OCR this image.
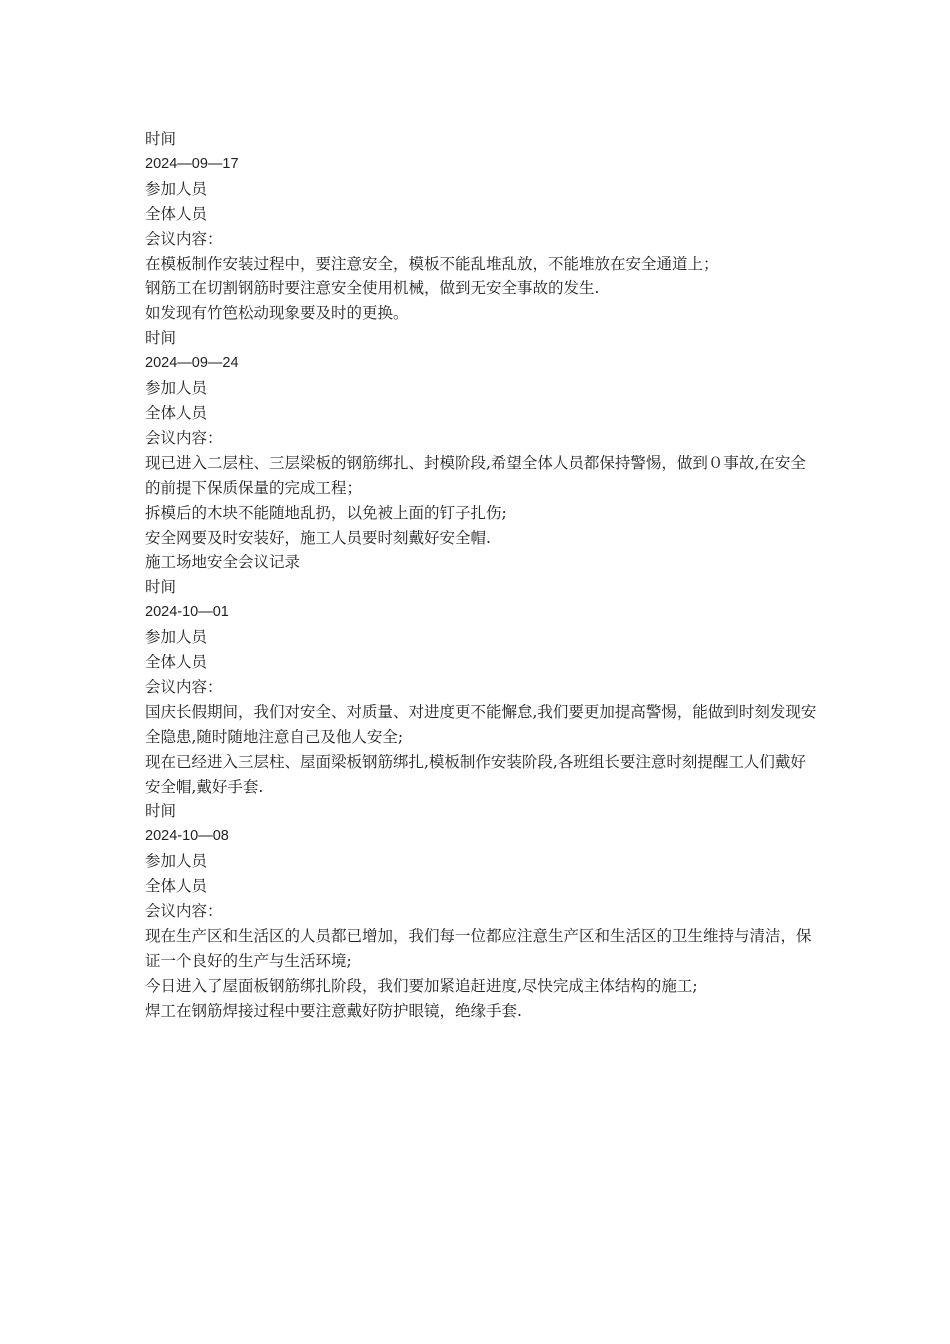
时间

2024—09—17

参加人员

全体人员

会议内容：

在模板制作安装过程中，要注意安全，模板不能乱堆乱放，不能堆放在安全通道上；

钢筋工在切割钢筋时要注意安全使用机械，做到无安全事故的发生.

如发现有竹笆松动现象要及时的更换。

时间

2024—09—24

参加人员

全体人员

会议内容：

现已进入二层柱、三层梁板的钢筋绑扎、封模阶段,希望全体人员都保持警惕，做到０事故,在安全的前提下保质保量的完成工程；

拆模后的木块不能随地乱扔，以免被上面的钉子扎伤;

安全网要及时安装好，施工人员要时刻戴好安全帽.

施工场地安全会议记录

时间

2024-10—01

参加人员

全体人员

会议内容：

国庆长假期间，我们对安全、对质量、对进度更不能懈怠,我们要更加提高警惕，能做到时刻发现安全隐患,随时随地注意自己及他人安全;

现在已经进入三层柱、屋面梁板钢筋绑扎,模板制作安装阶段,各班组长要注意时刻提醒工人们戴好安全帽,戴好手套.

时间

2024-10—08

参加人员

全体人员

会议内容：

现在生产区和生活区的人员都已增加，我们每一位都应注意生产区和生活区的卫生维持与清洁，保证一个良好的生产与生活环境;

今日进入了屋面板钢筋绑扎阶段，我们要加紧追赶进度,尽快完成主体结构的施工;

焊工在钢筋焊接过程中要注意戴好防护眼镜，绝缘手套.
